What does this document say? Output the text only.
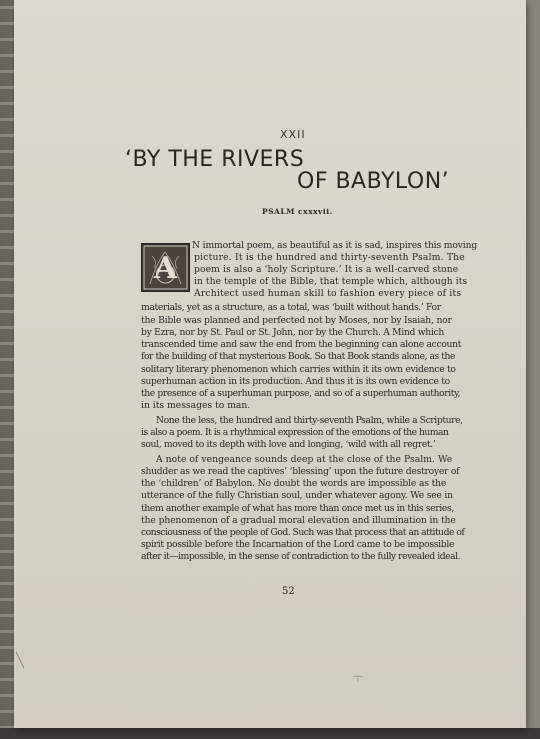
XXII
‘BY THE RIVERS
OF BABYLON’
PSALM cxxxvii.
A
N immortal poem, as beautiful as it is sad, inspires this moving
picture. It is the hundred and thirty-seventh Psalm. The
poem is also a ‘holy Scripture.’ It is a well-carved stone
in the temple of the Bible, that temple which, although its
Architect used human skill to fashion every piece of its
materials, yet as a structure, as a total, was ‘built without hands.’ For
the Bible was planned and perfected not by Moses, nor by Isaiah, nor
by Ezra, nor by St. Paul or St. John, nor by the Church. A Mind which
transcended time and saw the end from the beginning can alone account
for the building of that mysterious Book. So that Book stands alone, as the
solitary literary phenomenon which carries within it its own evidence to
superhuman action in its production. And thus it is its own evidence to
the presence of a superhuman purpose, and so of a superhuman authority,
in its messages to man.
None the less, the hundred and thirty-seventh Psalm, while a Scripture,
is also a poem. It is a rhythmical expression of the emotions of the human
soul, moved to its depth with love and longing, ‘wild with all regret.’
A note of vengeance sounds deep at the close of the Psalm. We
shudder as we read the captives’ ‘blessing’ upon the future destroyer of
the ‘children’ of Babylon. No doubt the words are impossible as the
utterance of the fully Christian soul, under whatever agony. We see in
them another example of what has more than once met us in this series,
the phenomenon of a gradual moral elevation and illumination in the
consciousness of the people of God. Such was that process that an attitude of
spirit possible before the Incarnation of the Lord came to be impossible
after it—impossible, in the sense of contradiction to the fully revealed ideal.
52
